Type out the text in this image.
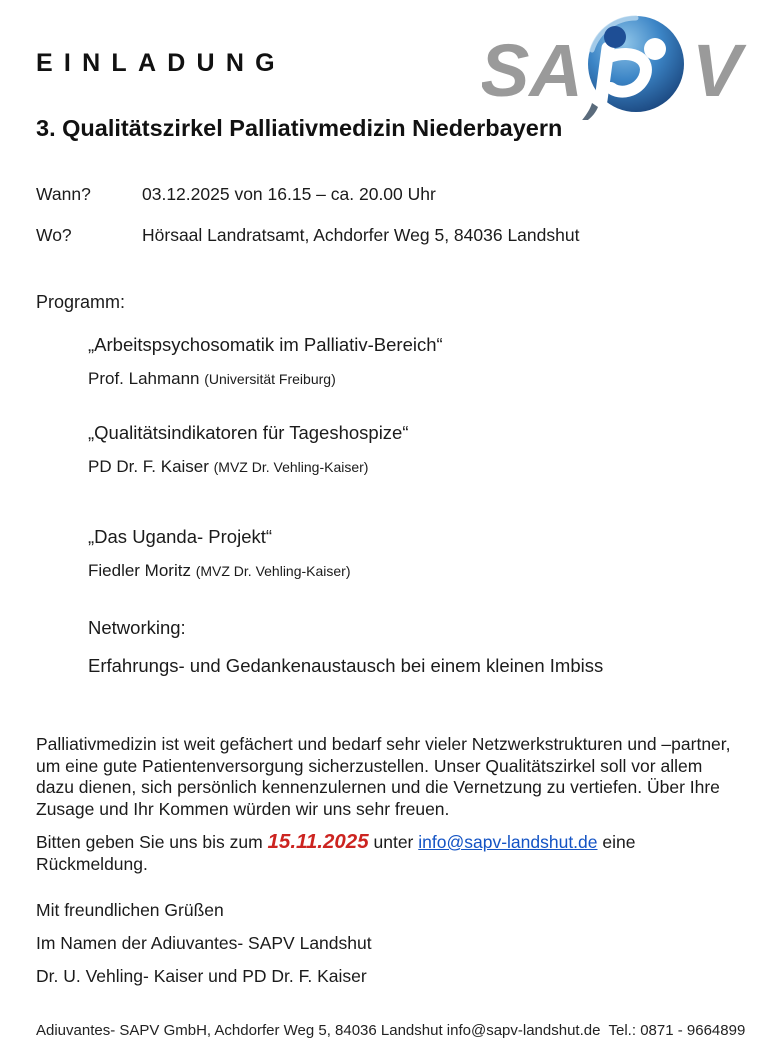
EINLADUNG	SA V
3. Qualitätszirkel Palliativmedizin Niederbayern
Wann?	03.12.2025 von 16.15 – ca. 20.00 Uhr
Wo?	Hörsaal Landratsamt, Achdorfer Weg 5, 84036 Landshut
Programm:
„Arbeitspsychosomatik im Palliativ-Bereich“
Prof. Lahmann (Universität Freiburg)
„Qualitätsindikatoren für Tageshospize“
PD Dr. F. Kaiser (MVZ Dr. Vehling-Kaiser)
„Das Uganda- Projekt“
Fiedler Moritz (MVZ Dr. Vehling-Kaiser)
Networking:
Erfahrungs- und Gedankenaustausch bei einem kleinen Imbiss

Palliativmedizin ist weit gefächert und bedarf sehr vieler Netzwerkstrukturen und –partner, um eine gute Patientenversorgung sicherzustellen. Unser Qualitätszirkel soll vor allem dazu dienen, sich persönlich kennenzulernen und die Vernetzung zu vertiefen. Über Ihre Zusage und Ihr Kommen würden wir uns sehr freuen.

Bitten geben Sie uns bis zum 15.11.2025 unter info@sapv-landshut.de eine Rückmeldung.

Mit freundlichen Grüßen
Im Namen der Adiuvantes- SAPV Landshut
Dr. U. Vehling- Kaiser und PD Dr. F. Kaiser
Adiuvantes- SAPV GmbH, Achdorfer Weg 5, 84036 Landshut info@sapv-landshut.de  Tel.: 0871 - 9664899
